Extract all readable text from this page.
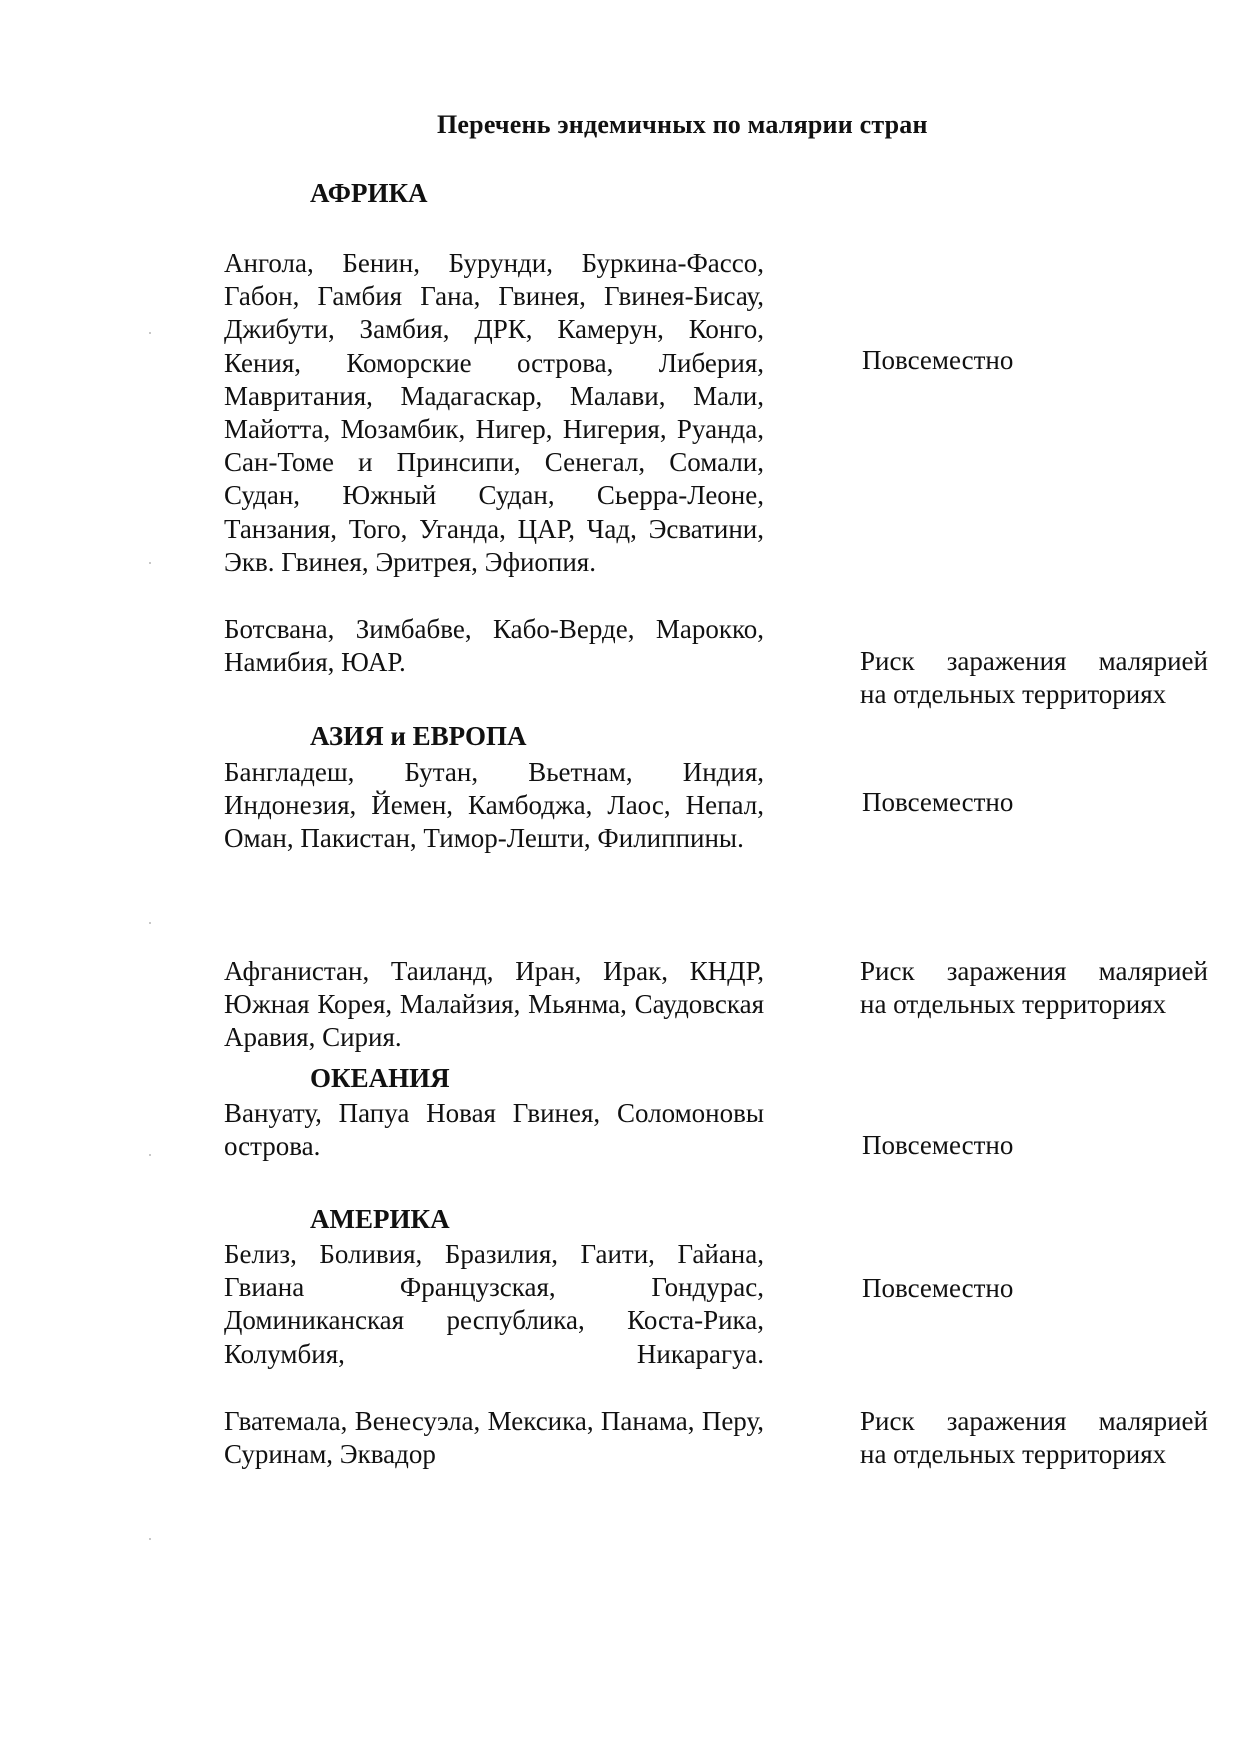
Перечень эндемичных по малярии стран
АФРИКА
Ангола, Бенин, Бурунди, Буркина-Фассо, Габон, Гамбия Гана, Гвинея, Гвинея-Бисау, Джибути, Замбия, ДРК, Камерун, Конго, Кения, Коморские острова, Либерия, Мавритания, Мадагаскар, Малави, Мали, Майотта, Мозамбик, Нигер, Нигерия, Руанда, Сан-Томе и Принсипи, Сенегал, Сомали, Судан, Южный Судан, Сьерра-Леоне, Танзания, Того, Уганда, ЦАР, Чад, Эсватини, Экв. Гвинея, Эритрея, Эфиопия.
Повсеместно
Ботсвана, Зимбабве, Кабо-Верде, Марокко, Намибия, ЮАР.	Риск заражения малярией
на отдельных территориях
АЗИЯ и ЕВРОПА
Бангладеш, Бутан, Вьетнам, Индия, Индонезия, Йемен, Камбоджа, Лаос, Непал, Оман, Пакистан, Тимор-Лешти, Филиппины.
Повсеместно
Афганистан, Таиланд, Иран, Ирак, КНДР, Южная Корея, Малайзия, Мьянма, Саудовская Аравия, Сирия.
Риск заражения малярией
на отдельных территориях
ОКЕАНИЯ
Вануату, Папуа Новая Гвинея, Соломоновы острова.	Повсеместно
АМЕРИКА
Белиз, Боливия, Бразилия, Гаити, Гайана, Гвиана Французская, Гондурас, Доминиканская республика, Коста-Рика, Колумбия, Никарагуа.
Повсеместно
Гватемала, Венесуэла, Мексика, Панама, Перу, Суринам, Эквадор
Риск заражения малярией
на отдельных территориях
